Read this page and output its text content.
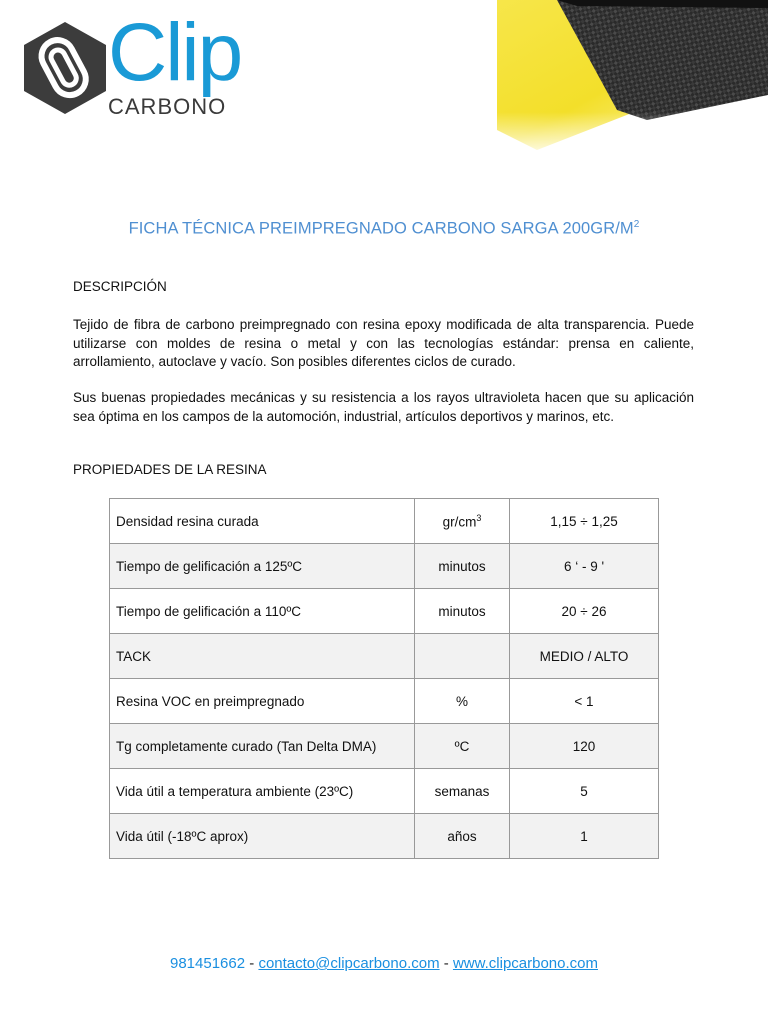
Clip
CARBONO
FICHA TÉCNICA PREIMPREGNADO CARBONO SARGA $200GR/M^2$
DESCRIPCIÓN
Tejido de fibra de carbono preimpregnado con resina epoxy modificada de alta transparencia. Puede utilizarse con moldes de resina o metal y con las tecnologías estándar: prensa en caliente, arrollamiento, autoclave y vacío. Son posibles diferentes ciclos de curado.
Sus buenas propiedades mecánicas y su resistencia a los rayos ultravioleta hacen que su aplicación sea óptima en los campos de la automoción, industrial, artículos deportivos y marinos, etc.
PROPIEDADES DE LA RESINA
Densidad resina curada	$gr/cm^3$	1,15 ÷ 1,25
Tiempo de gelificación a 125ºC	minutos	6 ‘ - 9 '
Tiempo de gelificación a 110ºC	minutos	20 ÷ 26
TACK		MEDIO / ALTO
Resina VOC en preimpregnado	%	< 1
Tg completamente curado (Tan Delta DMA)	ºC	120
Vida útil a temperatura ambiente (23ºC)	semanas	5
Vida útil (-18ºC aprox)	años	1
981451662 - contacto@clipcarbono.com - www.clipcarbono.com
